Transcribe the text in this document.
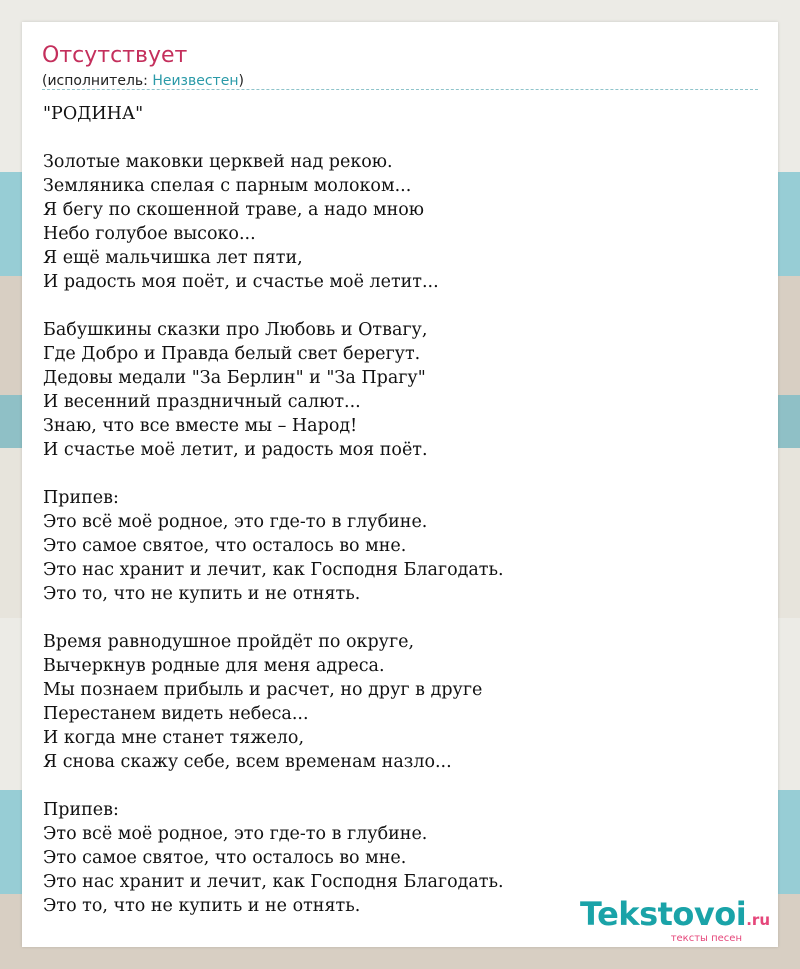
Отсутствует

(исполнитель: Неизвестен)

"РОДИНА"

Золотые маковки церквей над рекою.
Земляника спелая с парным молоком...
Я бегу по скошенной траве, а надо мною
Небо голубое высоко...
Я ещё мальчишка лет пяти,
И радость моя поёт, и счастье моё летит...

Бабушкины сказки про Любовь и Отвагу,
Где Добро и Правда белый свет берегут.
Дедовы медали "За Берлин" и "За Прагу"
И весенний праздничный салют...
Знаю, что все вместе мы – Народ!
И счастье моё летит, и радость моя поёт.

Припев:
Это всё моё родное, это где-то в глубине.
Это самое святое, что осталось во мне.
Это нас хранит и лечит, как Господня Благодать.
Это то, что не купить и не отнять.

Время равнодушное пройдёт по округе,
Вычеркнув родные для меня адреса.
Мы познаем прибыль и расчет, но друг в друге
Перестанем видеть небеса...
И когда мне станет тяжело,
Я снова скажу себе, всем временам назло...

Припев:
Это всё моё родное, это где-то в глубине.
Это самое святое, что осталось во мне.
Это нас хранит и лечит, как Господня Благодать.
Это то, что не купить и не отнять.	Tekstovoi.ru
тексты песен
